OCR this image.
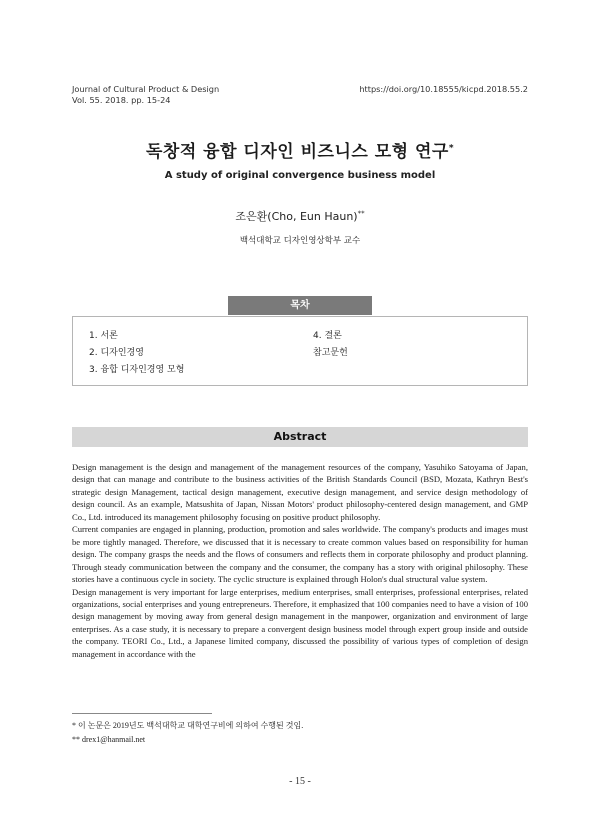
Journal of Cultural Product & Design
Vol. 55. 2018. pp. 15-24
https://doi.org/10.18555/kicpd.2018.55.2
독창적 융합 디자인 비즈니스 모형 연구*
A study of original convergence business model
조은환(Cho, Eun Haun)**
백석대학교 디자인영상학부 교수
목차
1. 서론
2. 디자인경영
3. 융합 디자인경영 모형
4. 결론
참고문헌
Abstract

Design management is the design and management of the management resources of the company, Yasuhiko Satoyama of Japan, design that can manage and contribute to the business activities of the British Standards Council (BSD, Mozata, Kathryn Best's strategic design Management, tactical design management, executive design management, and service design methodology of design council. As an example, Matsushita of Japan, Nissan Motors' product philosophy-centered design management, and GMP Co., Ltd. introduced its management philosophy focusing on positive product philosophy.

Current companies are engaged in planning, production, promotion and sales worldwide. The company's products and images must be more tightly managed. Therefore, we discussed that it is necessary to create common values based on responsibility for human design. The company grasps the needs and the flows of consumers and reflects them in corporate philosophy and product planning. Through steady communication between the company and the consumer, the company has a story with original philosophy. These stories have a continuous cycle in society. The cyclic structure is explained through Holon's dual structural value system.

Design management is very important for large enterprises, medium enterprises, small enterprises, professional enterprises, related organizations, social enterprises and young entrepreneurs. Therefore, it emphasized that 100 companies need to have a vision of 100 design management by moving away from general design management in the manpower, organization and environment of large enterprises. As a case study, it is necessary to prepare a convergent design business model through expert group inside and outside the company. TEORI Co., Ltd., a Japanese limited company, discussed the possibility of various types of completion of design management in accordance with the

* 이 논문은 2019년도 백석대학교 대학연구비에 의하여 수행된 것임.
** drex1@hanmail.net
- 15 -
